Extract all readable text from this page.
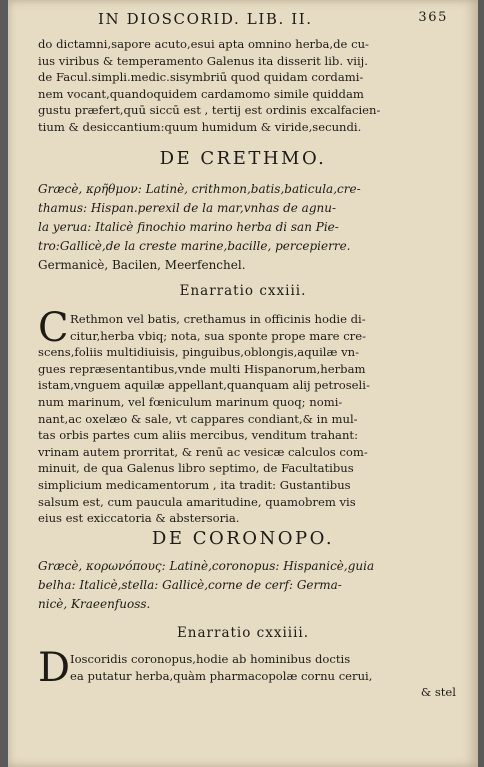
IN DIOSCORID. LIB. II.	365
do dictamni,sapore acuto,esui apta omnino herba,de cu-
ius viribus & temperamento Galenus ita disserit lib. viij.
de Facul.simpli.medic.sisymbriū quod quidam cordami-
nem vocant,quandoquidem cardamomo simile quiddam
gustu præfert,quū siccū est , tertij est ordinis excalfacien-
tium & desiccantium:quum humidum & viride,secundi.
DE CRETHMO.
Græcè, κρῆθμον: Latinè, crithmon,batis,baticula,cre-
thamus: Hispan.perexil de la mar,vnhas de agnu-
la yerua: Italicè finochio marino herba di san Pie-
tro:Gallicè,de la creste marine,bacille, percepierre.
Germanicè, Bacilen, Meerfenchel.
Enarratio cxxiii.
C Rethmon vel batis, crethamus in officinis hodie di-
citur,herba vbiq; nota, sua sponte prope mare cre-
scens,foliis multidiuisis, pinguibus,oblongis,aquilæ vn-
gues repræsentantibus,vnde multi Hispanorum,herbam
istam,vnguem aquilæ appellant,quanquam alij petroseli-
num marinum, vel fœniculum marinum quoq; nomi-
nant,ac oxelæo & sale, vt cappares condiant,& in mul-
tas orbis partes cum aliis mercibus, venditum trahant:
vrinam autem prorritat, & renū ac vesicæ calculos com-
minuit, de qua Galenus libro septimo, de Facultatibus
simplicium medicamentorum , ita tradit: Gustantibus
salsum est, cum paucula amaritudine, quamobrem vis
eius est exiccatoria & abstersoria.
DE CORONOPO.
Græcè, κορωνόπους: Latinè,coronopus: Hispanicè,guia
belha: Italicè,stella: Gallicè,corne de cerf: Germa-
nicè, Kraeenfuoss.
Enarratio cxxiiii.
D Ioscoridis coronopus,hodie ab hominibus doctis
ea putatur herba,quàm pharmacopolæ cornu cerui,
& stel
